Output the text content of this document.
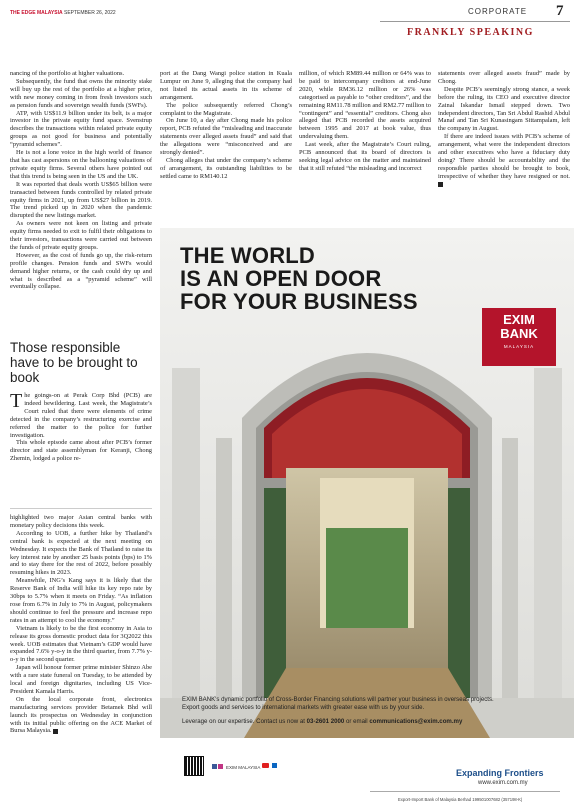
THE EDGE MALAYSIA SEPTEMBER 26, 2022	CORPORATE 7
FRANKLY SPEAKING

nancing of the portfolio at higher valuations.

Subsequently, the fund that owns the minority stake will buy up the rest of the portfolio at a higher price, with new money coming in from fresh investors such as pension funds and sovereign wealth funds (SWFs).

ATP, with US$11.9 billion under its belt, is a major investor in the private equity fund space. Svenstrup describes the transactions within related private equity groups as not good for business and potentially “pyramid schemes”.

He is not a lone voice in the high world of finance that has cast aspersions on the ballooning valuations of private equity firms. Several others have pointed out that this trend is being seen in the US and the UK.

It was reported that deals worth US$65 billion were transacted between funds controlled by related private equity firms in 2021, up from US$27 billion in 2019. The trend picked up in 2020 when the pandemic disrupted the new listings market.

As owners were not keen on listing and private equity firms needed to exit to fulfil their obligations to their investors, transactions were carried out between the funds of private equity groups.

However, as the cost of funds go up, the risk-return profile changes. Pension funds and SWFs would demand higher returns, or the cash could dry up and what is described as a “pyramid scheme” will eventually collapse.

Those responsible have to be brought to book

The goings-on at Perak Corp Bhd (PCB) are indeed bewildering. Last week, the Magistrate’s Court ruled that there were elements of crime detected in the company’s restructuring exercise and referred the matter to the police for further investigation.

This whole episode came about after PCB’s former director and state assemblyman for Keranji, Chong Zhemin, lodged a police re-

port at the Dang Wangi police station in Kuala Lumpur on June 9, alleging that the company had not listed its actual assets in its scheme of arrangement.

The police subsequently referred Chong’s complaint to the Magistrate.

On June 10, a day after Chong made his police report, PCB refuted the “misleading and inaccurate statements over alleged assets fraud” and said that the allegations were “misconceived and are strongly denied”.

Chong alleges that under the company’s scheme of arrangement, its outstanding liabilities to be settled came to RM140.12

million, of which RM89.44 million or 64% was to be paid to intercompany creditors at end-June 2020, while RM36.12 million or 26% was categorised as payable to “other creditors”, and the remaining RM11.78 million and RM2.77 million to “contingent” and “essential” creditors. Chong also alleged that PCB recorded the assets acquired between 1995 and 2017 at book value, thus undervaluing them.

Last week, after the Magistrate’s Court ruling, PCB announced that its board of directors is seeking legal advice on the matter and maintained that it still refuted “the misleading and incorrect

statements over alleged assets fraud” made by Chong.

Despite PCB’s seemingly strong stance, a week before the ruling, its CEO and executive director Zainal Iskandar Ismail stepped down. Two independent directors, Tan Sri Abdul Rashid Abdul Manaf and Tan Sri Kunasingam Sittampalam, left the company in August.

If there are indeed issues with PCB’s scheme of arrangement, what were the independent directors and other executives who have a fiduciary duty doing? There should be accountability and the responsible parties should be brought to book, irrespective of whether they have resigned or not.

highlighted two major Asian central banks with monetary policy decisions this week.

According to UOB, a further hike by Thailand’s central bank is expected at the next meeting on Wednesday. It expects the Bank of Thailand to raise its key interest rate by another 25 basis points (bps) to 1% and to stay there for the rest of 2022, before possibly resuming hikes in 2023.

Meanwhile, ING’s Kang says it is likely that the Reserve Bank of India will hike its key repo rate by 30bps to 5.7% when it meets on Friday. “As inflation rose from 6.7% in July to 7% in August, policymakers should continue to feel the pressure and increase repo rates in an attempt to cool the economy.”

Vietnam is likely to be the first economy in Asia to release its gross domestic product data for 3Q2022 this week. UOB estimates that Vietnam’s GDP would have expanded 7.6% y-o-y in the third quarter, from 7.7% y-o-y in the second quarter.

Japan will honour former prime minister Shinzo Abe with a rare state funeral on Tuesday, to be attended by local and foreign dignitaries, including US Vice-President Kamala Harris.

On the local corporate front, electronics manufacturing services provider Betamek Bhd will launch its prospectus on Wednesday in conjunction with its initial public offering on the ACE Market of Bursa Malaysia.

THE WORLD
IS AN OPEN DOOR
FOR YOUR BUSINESS
EXIM
BANK
MALAYSIA
EXIM BANK's dynamic portfolio of Cross-Border Financing solutions will partner your business in overseas projects.
Export goods and services to international markets with greater ease with us by your side.
Leverage on our expertise. Contact us now at 03-2601 2000 or email communications@exim.com.my
EXIM MALAYSIA
Expanding Frontiers
www.exim.com.my
Export-Import Bank of Malaysia Berhad 199501007682 (357198-K)
